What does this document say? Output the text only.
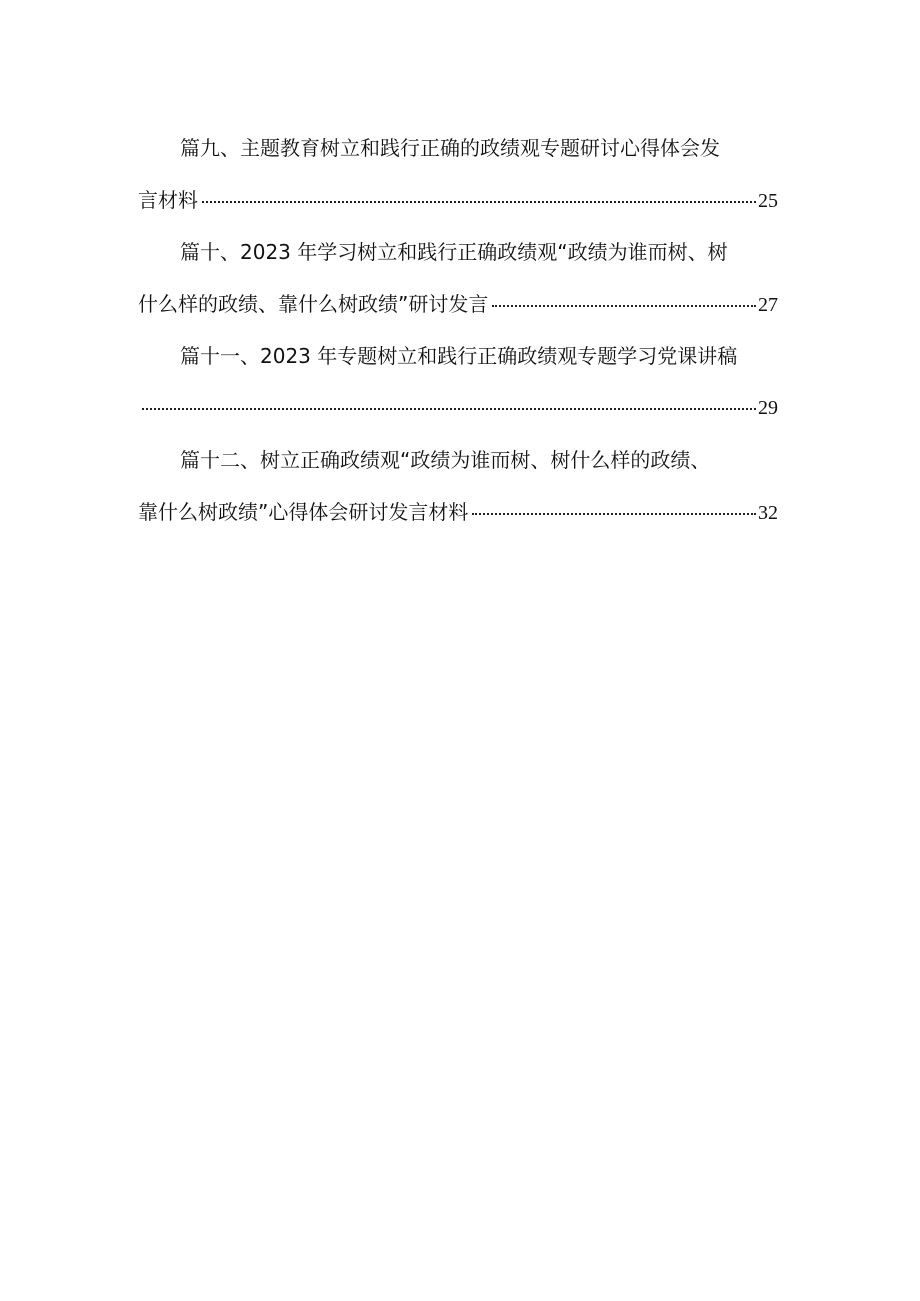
篇九、主题教育树立和践行正确的政绩观专题研讨心得体会发
言材料	25
篇十、2023 年学习树立和践行正确政绩观“政绩为谁而树、树
什么样的政绩、靠什么树政绩”研讨发言	27
篇十一、2023 年专题树立和践行正确政绩观专题学习党课讲稿
29
篇十二、树立正确政绩观“政绩为谁而树、树什么样的政绩、
靠什么树政绩”心得体会研讨发言材料	32
